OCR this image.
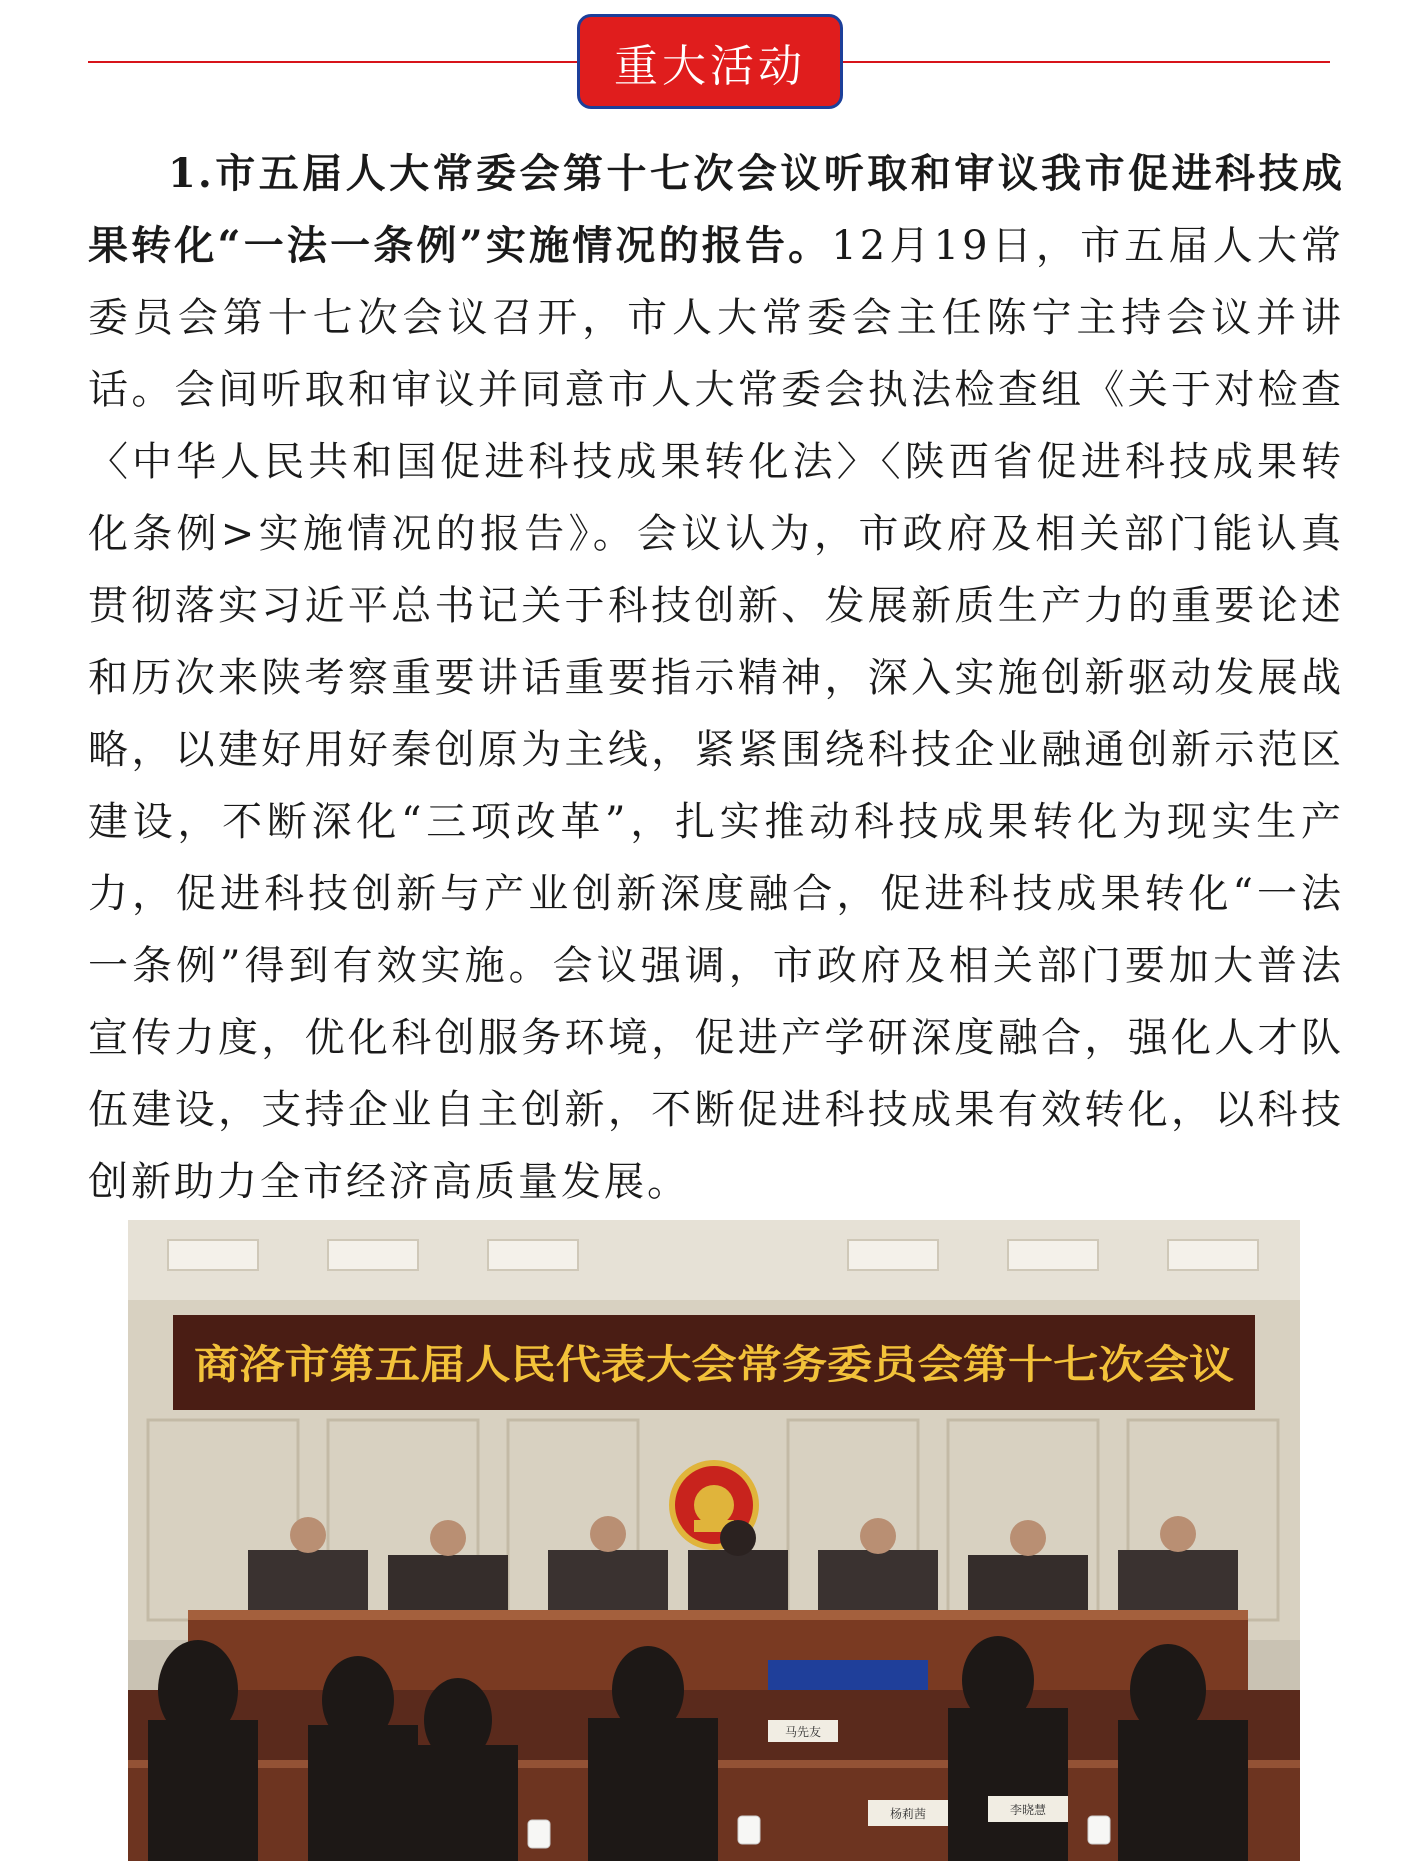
重大活动

1.市五届人大常委会第十七次会议听取和审议我市促进科技成果转化“一法一条例”实施情况的报告。12月19日，市五届人大常委员会第十七次会议召开，市人大常委会主任陈宁主持会议并讲话。会间听取和审议并同意市人大常委会执法检查组《关于对检查〈中华人民共和国促进科技成果转化法〉〈陕西省促进科技成果转化条例>实施情况的报告》。会议认为，市政府及相关部门能认真贯彻落实习近平总书记关于科技创新、发展新质生产力的重要论述和历次来陕考察重要讲话重要指示精神，深入实施创新驱动发展战略，以建好用好秦创原为主线，紧紧围绕科技企业融通创新示范区建设，不断深化“三项改革”，扎实推动科技成果转化为现实生产力，促进科技创新与产业创新深度融合，促进科技成果转化“一法一条例”得到有效实施。会议强调，市政府及相关部门要加大普法宣传力度，优化科创服务环境，促进产学研深度融合，强化人才队伍建设，支持企业自主创新，不断促进科技成果有效转化，以科技创新助力全市经济高质量发展。

商洛市第五届人民代表大会常务委员会第十七次会议
马先友
杨莉茜	李晓慧
